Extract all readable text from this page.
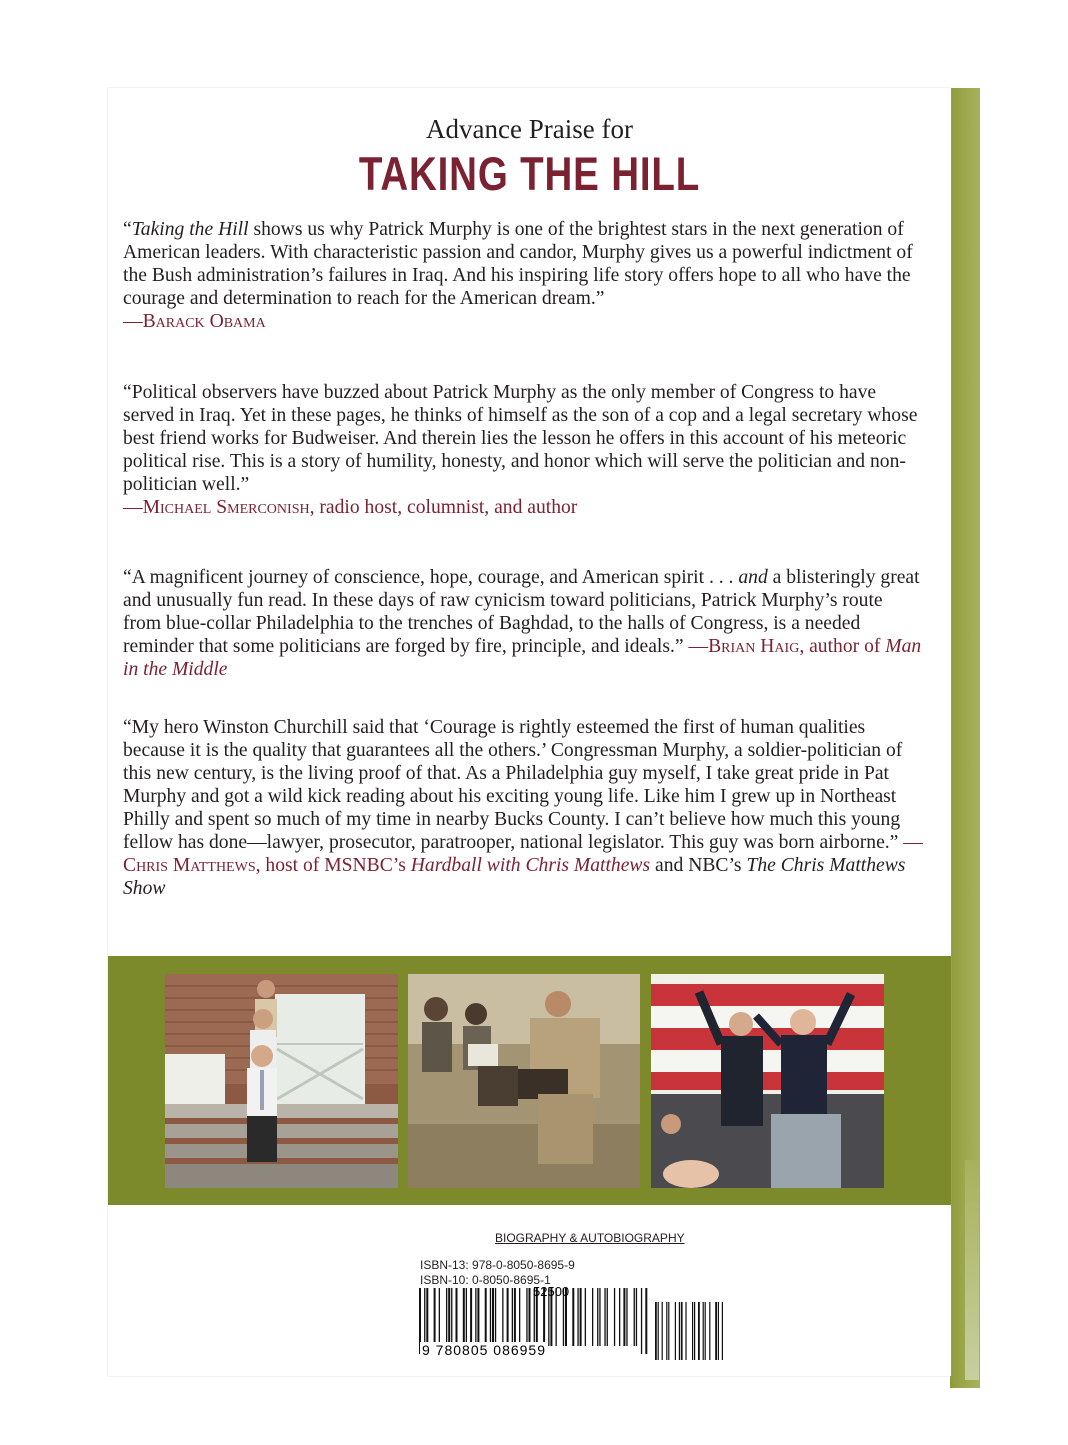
Advance Praise for
TAKING THE HILL

“Taking the Hill shows us why Patrick Murphy is one of the brightest stars in the next generation of American leaders. With characteristic passion and candor, Murphy gives us a powerful indictment of the Bush administration’s failures in Iraq. And his inspiring life story offers hope to all who have the courage and determination to reach for the American dream.”

—Barack Obama

“Political observers have buzzed about Patrick Murphy as the only member of Congress to have served in Iraq. Yet in these pages, he thinks of himself as the son of a cop and a legal secretary whose best friend works for Budweiser. And therein lies the lesson he offers in this account of his meteoric political rise. This is a story of humility, honesty, and honor which will serve the politician and non-politician well.”

—Michael Smerconish, radio host, columnist, and author

“A magnificent journey of conscience, hope, courage, and American spirit . . . and a blisteringly great and unusually fun read. In these days of raw cynicism toward politicians, Patrick Murphy’s route from blue-collar Philadelphia to the trenches of Baghdad, to the halls of Congress, is a needed reminder that some politicians are forged by fire, principle, and ideals.” —Brian Haig, author of Man in the Middle

“My hero Winston Churchill said that ‘Courage is rightly esteemed the first of human qualities because it is the quality that guarantees all the others.’ Congressman Murphy, a soldier-politician of this new century, is the living proof of that. As a Philadelphia guy myself, I take great pride in Pat Murphy and got a wild kick reading about his exciting young life. Like him I grew up in Northeast Philly and spent so much of my time in nearby Bucks County. I can’t believe how much this young fellow has done—lawyer, prosecutor, paratrooper, national legislator. This guy was born airborne.” —Chris Matthews, host of MSNBC’s Hardball with Chris Matthews and NBC’s The Chris Matthews Show

BIOGRAPHY & AUTOBIOGRAPHY
ISBN-13: 978-0-8050-8695-9
ISBN-10: 0-8050-8695-1
52500
9 780805 086959
